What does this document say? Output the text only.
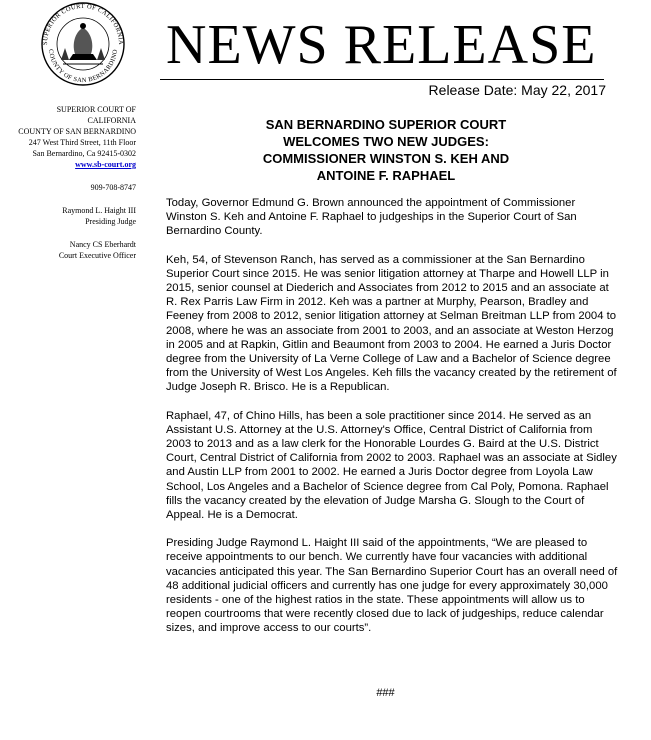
SUPERIOR COURT OF CALIFORNIA
COUNTY OF SAN BERNARDINO NEWS RELEASE
Release Date: May 22, 2017
SUPERIOR COURT OF
CALIFORNIA
COUNTY OF SAN BERNARDINO
247 West Third Street, 11th Floor
San Bernardino, Ca 92415-0302
www.sb-court.org
909-708-8747
Raymond L. Haight III
Presiding Judge
Nancy CS Eberhardt
Court Executive Officer
SAN BERNARDINO SUPERIOR COURT
WELCOMES TWO NEW JUDGES:
COMMISSIONER WINSTON S. KEH AND
ANTOINE F. RAPHAEL

Today, Governor Edmund G. Brown announced the appointment of Commissioner Winston S. Keh and Antoine F. Raphael to judgeships in the Superior Court of San Bernardino County.

Keh, 54, of Stevenson Ranch, has served as a commissioner at the San Bernardino Superior Court since 2015. He was senior litigation attorney at Tharpe and Howell LLP in 2015, senior counsel at Diederich and Associates from 2012 to 2015 and an associate at R. Rex Parris Law Firm in 2012. Keh was a partner at Murphy, Pearson, Bradley and Feeney from 2008 to 2012, senior litigation attorney at Selman Breitman LLP from 2004 to 2008, where he was an associate from 2001 to 2003, and an associate at Weston Herzog in 2005 and at Rapkin, Gitlin and Beaumont from 2003 to 2004. He earned a Juris Doctor degree from the University of La Verne College of Law and a Bachelor of Science degree from the University of West Los Angeles. Keh fills the vacancy created by the retirement of Judge Joseph R. Brisco. He is a Republican.

Raphael, 47, of Chino Hills, has been a sole practitioner since 2014. He served as an Assistant U.S. Attorney at the U.S. Attorney's Office, Central District of California from 2003 to 2013 and as a law clerk for the Honorable Lourdes G. Baird at the U.S. District Court, Central District of California from 2002 to 2003. Raphael was an associate at Sidley and Austin LLP from 2001 to 2002. He earned a Juris Doctor degree from Loyola Law School, Los Angeles and a Bachelor of Science degree from Cal Poly, Pomona. Raphael fills the vacancy created by the elevation of Judge Marsha G. Slough to the Court of Appeal. He is a Democrat.

Presiding Judge Raymond L. Haight III said of the appointments, “We are pleased to receive appointments to our bench. We currently have four vacancies with additional vacancies anticipated this year. The San Bernardino Superior Court has an overall need of 48 additional judicial officers and currently has one judge for every approximately 30,000 residents - one of the highest ratios in the state. These appointments will allow us to reopen courtrooms that were recently closed due to lack of judgeships, reduce calendar sizes, and improve access to our courts”.

###
